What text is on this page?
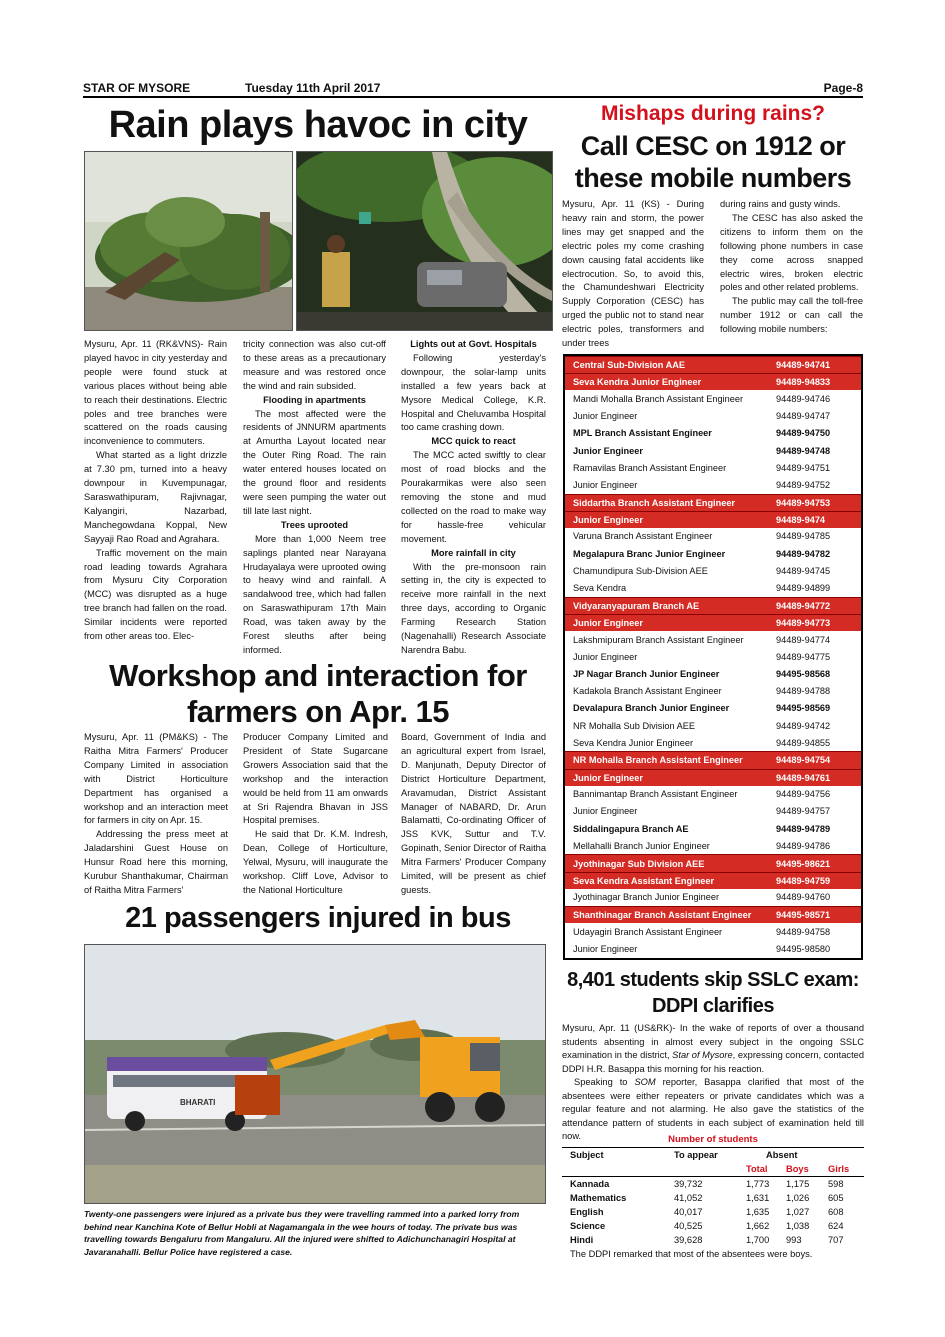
STAR OF MYSORE	Tuesday 11th April 2017	Page-8
Rain plays havoc in city

Mysuru, Apr. 11 (RK&VNS)- Rain played havoc in city yesterday and people were found stuck at various places without being able to reach their destinations. Electric poles and tree branches were scattered on the roads causing inconvenience to commuters.

What started as a light drizzle at 7.30 pm, turned into a heavy downpour in Kuvempunagar, Saraswathipuram, Rajivnagar, Kalyangiri, Nazarbad, Manchegowdana Koppal, New Sayyaji Rao Road and Agrahara.

Traffic movement on the main road leading towards Agrahara from Mysuru City Corporation (MCC) was disrupted as a huge tree branch had fallen on the road. Similar incidents were reported from other areas too. Elec-

tricity connection was also cut-off to these areas as a precautionary measure and was restored once the wind and rain subsided.

Flooding in apartments

The most affected were the residents of JNNURM apartments at Amurtha Layout located near the Outer Ring Road. The rain water entered houses located on the ground floor and residents were seen pumping the water out till late last night.

Trees uprooted

More than 1,000 Neem tree saplings planted near Narayana Hrudayalaya were uprooted owing to heavy wind and rainfall. A sandalwood tree, which had fallen on Saraswathipuram 17th Main Road, was taken away by the Forest sleuths after being informed.

Lights out at Govt. Hospitals

Following yesterday's downpour, the solar-lamp units installed a few years back at Mysore Medical College, K.R. Hospital and Cheluvamba Hospital too came crashing down.

MCC quick to react

The MCC acted swiftly to clear most of road blocks and the Pourakarmikas were also seen removing the stone and mud collected on the road to make way for hassle-free vehicular movement.

More rainfall in city

With the pre-monsoon rain setting in, the city is expected to receive more rainfall in the next three days, according to Organic Farming Research Station (Nagenahalli) Research Associate Narendra Babu.

Workshop and interaction for farmers on Apr. 15

Mysuru, Apr. 11 (PM&KS) - The Raitha Mitra Farmers' Producer Company Limited in association with District Horticulture Department has organised a workshop and an interaction meet for farmers in city on Apr. 15.

Addressing the press meet at Jaladarshini Guest House on Hunsur Road here this morning, Kurubur Shanthakumar, Chairman of Raitha Mitra Farmers'

Producer Company Limited and President of State Sugarcane Growers Association said that the workshop and the interaction would be held from 11 am onwards at Sri Rajendra Bhavan in JSS Hospital premises.

He said that Dr. K.M. Indresh, Dean, College of Horticulture, Yelwal, Mysuru, will inaugurate the workshop. Cliff Love, Advisor to the National Horticulture

Board, Government of India and an agricultural expert from Israel, D. Manjunath, Deputy Director of District Horticulture Department, Aravamudan, District Assistant Manager of NABARD, Dr. Arun Balamatti, Co-ordinating Officer of JSS KVK, Suttur and T.V. Gopinath, Senior Director of Raitha Mitra Farmers' Producer Company Limited, will be present as chief guests.

21 passengers injured in bus
BHARATI
Twenty-one passengers were injured as a private bus they were travelling rammed into a parked lorry from behind near Kanchina Kote of Bellur Hobli at Nagamangala in the wee hours of today. The private bus was travelling towards Bengaluru from Mangaluru. All the injured were shifted to Adichunchanagiri Hospital at Javaranahalli. Bellur Police have registered a case.
Mishaps during rains?
Call CESC on 1912 or these mobile numbers

Mysuru, Apr. 11 (KS) - During heavy rain and storm, the power lines may get snapped and the electric poles my come crashing down causing fatal accidents like electrocution. So, to avoid this, the Chamundeshwari Electricity Supply Corporation (CESC) has urged the public not to stand near electric poles, transformers and under trees

during rains and gusty winds.

The CESC has also asked the citizens to inform them on the following phone numbers in case they come across snapped electric wires, broken electric poles and other related problems.

The public may call the toll-free number 1912 or can call the following mobile numbers:

Central Sub-Division AAE	94489-94741
Seva Kendra Junior Engineer	94489-94833
Mandi Mohalla Branch Assistant Engineer	94489-94746
Junior Engineer	94489-94747
MPL Branch Assistant Engineer	94489-94750
Junior Engineer	94489-94748
Ramavilas Branch Assistant Engineer	94489-94751
Junior Engineer	94489-94752
Siddartha Branch Assistant Engineer	94489-94753
Junior Engineer	94489-9474
Varuna Branch Assistant Engineer	94489-94785
Megalapura Branc Junior Engineer	94489-94782
Chamundipura Sub-Division AEE	94489-94745
Seva Kendra	94489-94899
Vidyaranyapuram Branch AE	94489-94772
Junior Engineer	94489-94773
Lakshmipuram Branch Assistant Engineer	94489-94774
Junior Engineer	94489-94775
JP Nagar Branch Junior Engineer	94495-98568
Kadakola Branch Assistant Engineer	94489-94788
Devalapura Branch Junior Engineer	94495-98569
NR Mohalla Sub Division AEE	94489-94742
Seva Kendra Junior Engineer	94489-94855
NR Mohalla Branch Assistant Engineer	94489-94754
Junior Engineer	94489-94761
Bannimantap Branch Assistant Engineer	94489-94756
Junior Engineer	94489-94757
Siddalingapura Branch AE	94489-94789
Mellahalli Branch Junior Engineer	94489-94786
Jyothinagar Sub Division AEE	94495-98621
Seva Kendra Assistant Engineer	94489-94759
Jyothinagar Branch Junior Engineer	94489-94760
Shanthinagar Branch Assistant Engineer	94495-98571
Udayagiri Branch Assistant Engineer	94489-94758
Junior Engineer	94495-98580
8,401 students skip SSLC exam: DDPI clarifies

Mysuru, Apr. 11 (US&RK)- In the wake of reports of over a thousand students absenting in almost every subject in the ongoing SSLC examination in the district, Star of Mysore, expressing concern, contacted DDPI H.R. Basappa this morning for his reaction.

Speaking to SOM reporter, Basappa clarified that most of the absentees were either repeaters or private candidates which was a regular feature and not alarming. He also gave the statistics of the attendance pattern of students in each subject of examination held till now.	Number of students
Subject	To appear	Absent		
		Total	Boys	Girls
Kannada	39,732	1,773	1,175	598
Mathematics	41,052	1,631	1,026	605
English	40,017	1,635	1,027	608
Science	40,525	1,662	1,038	624
Hindi	39,628	1,700	993	707
The DDPI remarked that most of the absentees were boys.
